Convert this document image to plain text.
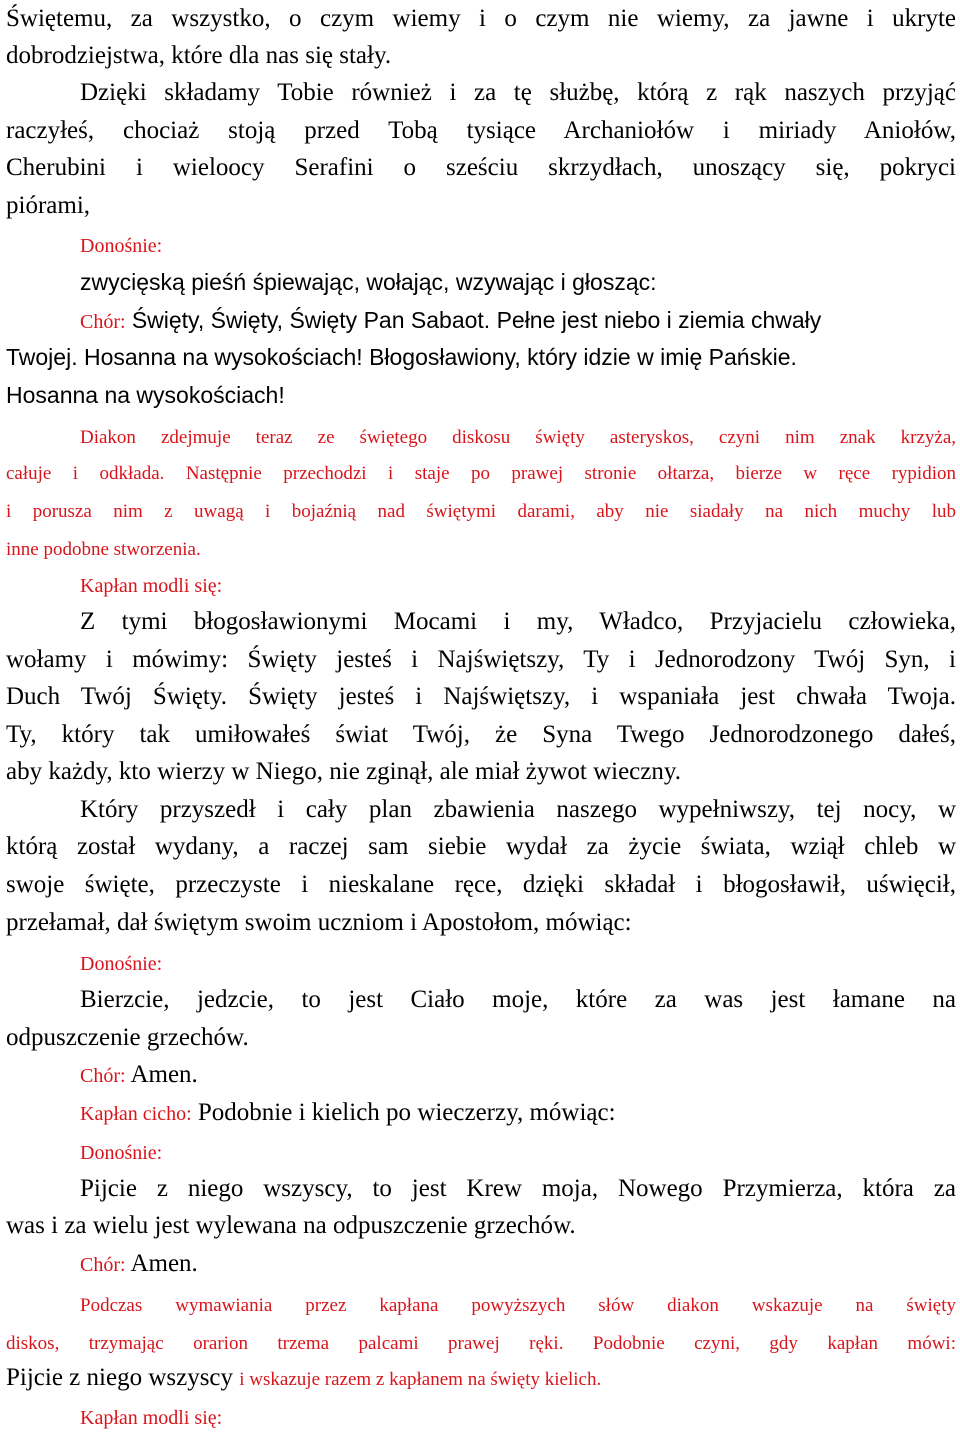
Świętemu, za wszystko, o czym wiemy i o czym nie wiemy, za jawne i ukryte
dobrodziejstwa, które dla nas się stały.
Dzięki składamy Tobie również i za tę służbę, którą z rąk naszych przyjąć
raczyłeś, chociaż stoją przed Tobą tysiące Archaniołów i miriady Aniołów,
Cherubini i wieloocy Serafini o sześciu skrzydłach, unoszący się, pokryci
piórami,
Donośnie:
zwycięską pieśń śpiewając, wołając, wzywając i głosząc:
Chór: Święty, Święty, Święty Pan Sabaot. Pełne jest niebo i ziemia chwały
Twojej. Hosanna na wysokościach! Błogosławiony, który idzie w imię Pańskie.
Hosanna na wysokościach!
Diakon zdejmuje teraz ze świętego diskosu święty asteryskos, czyni nim znak krzyża,
całuje i odkłada. Następnie przechodzi i staje po prawej stronie ołtarza, bierze w ręce rypidion
i porusza nim z uwagą i bojaźnią nad świętymi darami, aby nie siadały na nich muchy lub
inne podobne stworzenia.
Kapłan modli się:
Z tymi błogosławionymi Mocami i my, Władco, Przyjacielu człowieka,
wołamy i mówimy: Święty jesteś i Najświętszy, Ty i Jednorodzony Twój Syn, i
Duch Twój Święty. Święty jesteś i Najświętszy, i wspaniała jest chwała Twoja.
Ty, który tak umiłowałeś świat Twój, że Syna Twego Jednorodzonego dałeś,
aby każdy, kto wierzy w Niego, nie zginął, ale miał żywot wieczny.
Który przyszedł i cały plan zbawienia naszego wypełniwszy, tej nocy, w
którą został wydany, a raczej sam siebie wydał za życie świata, wziął chleb w
swoje święte, przeczyste i nieskalane ręce, dzięki składał i błogosławił, uświęcił,
przełamał, dał świętym swoim uczniom i Apostołom, mówiąc:
Donośnie:
Bierzcie, jedzcie, to jest Ciało moje, które za was jest łamane na
odpuszczenie grzechów.
Chór: Amen.
Kapłan cicho: Podobnie i kielich po wieczerzy, mówiąc:
Donośnie:
Pijcie z niego wszyscy, to jest Krew moja, Nowego Przymierza, która za
was i za wielu jest wylewana na odpuszczenie grzechów.
Chór: Amen.
Podczas wymawiania przez kapłana powyższych słów diakon wskazuje na święty
diskos, trzymając orarion trzema palcami prawej ręki. Podobnie czyni, gdy kapłan mówi:
Pijcie z niego wszyscy i wskazuje razem z kapłanem na święty kielich.
Kapłan modli się:
